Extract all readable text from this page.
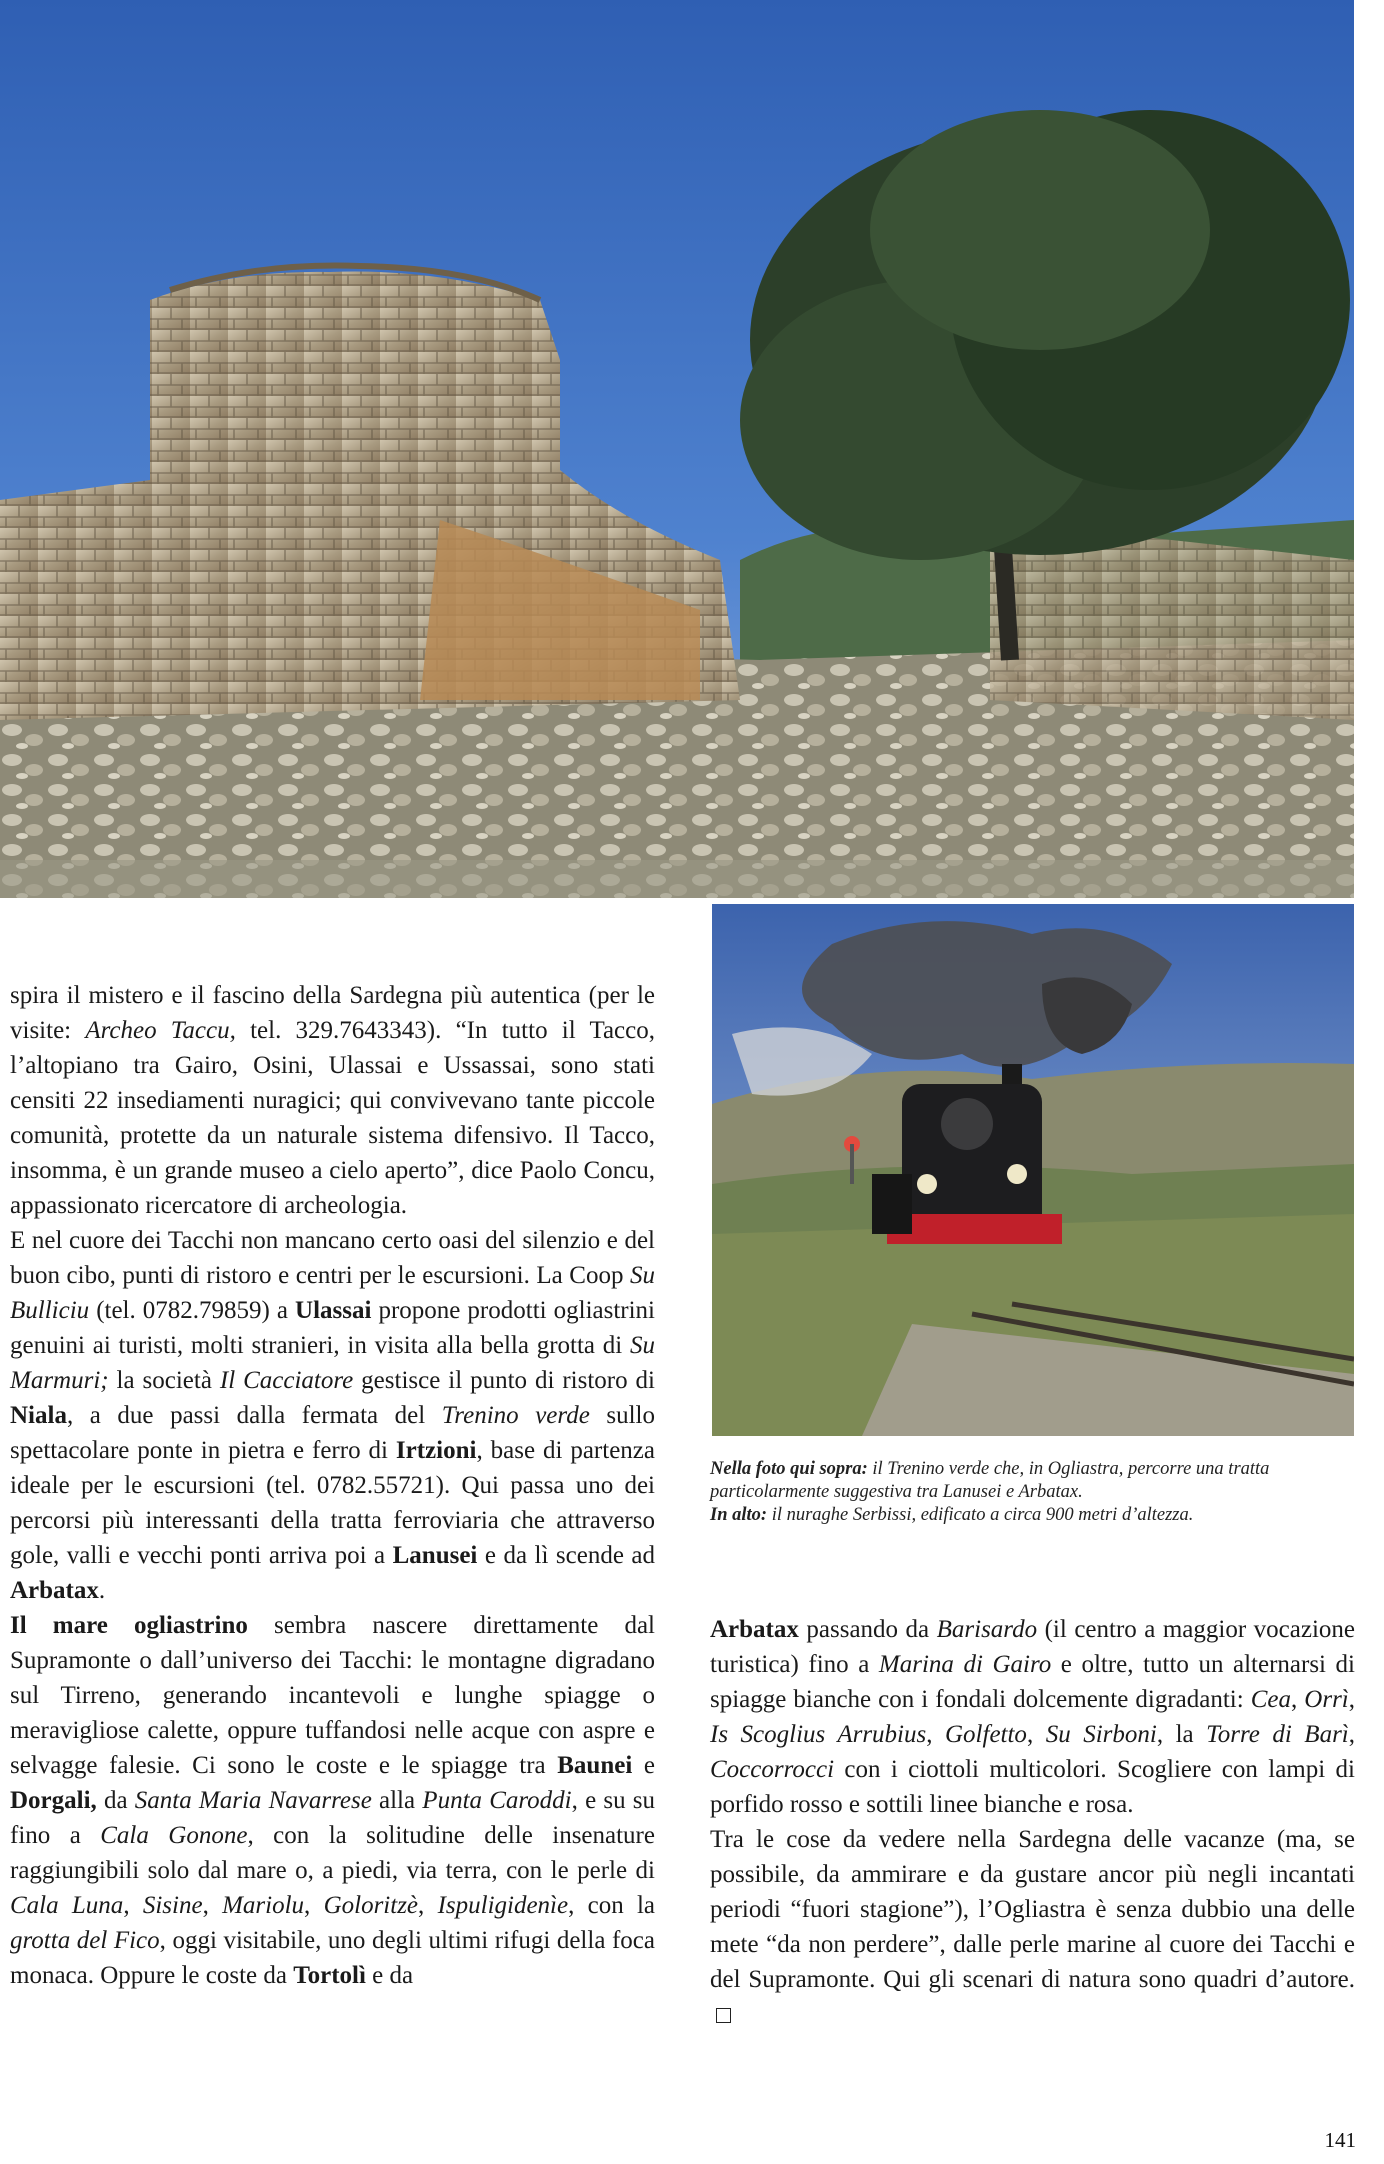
spira il mistero e il fascino della Sardegna più autentica (per le visite: Archeo Taccu, tel. 329.7643343). “In tutto il Tacco, l’altopiano tra Gairo, Osini, Ulassai e Ussassai, sono stati censiti 22 insediamenti nuragici; qui convivevano tante piccole comunità, protette da un naturale sistema difensivo. Il Tacco, insomma, è un grande museo a cielo aperto”, dice Paolo Concu, appassionato ricercatore di archeologia.

E nel cuore dei Tacchi non mancano certo oasi del silenzio e del buon cibo, punti di ristoro e centri per le escursioni. La Coop Su Bulliciu (tel. 0782.79859) a Ulassai propone prodotti ogliastrini genuini ai turisti, molti stranieri, in visita alla bella grotta di Su Marmuri; la società Il Cacciatore gestisce il punto di ristoro di Niala, a due passi dalla fermata del Trenino verde sullo spettacolare ponte in pietra e ferro di Irtzioni, base di partenza ideale per le escursioni (tel. 0782.55721). Qui passa uno dei percorsi più interessanti della tratta ferroviaria che attraverso gole, valli e vecchi ponti arriva poi a Lanusei e da lì scende ad Arbatax.

Il mare ogliastrino sembra nascere direttamente dal Supramonte o dall’universo dei Tacchi: le montagne digradano sul Tirreno, generando incantevoli e lunghe spiagge o meravigliose calette, oppure tuffandosi nelle acque con aspre e selvagge falesie. Ci sono le coste e le spiagge tra Baunei e Dorgali, da Santa Maria Navarrese alla Punta Caroddi, e su su fino a Cala Gonone, con la solitudine delle insenature raggiungibili solo dal mare o, a piedi, via terra, con le perle di Cala Luna, Sisine, Mariolu, Goloritzè, Ispuligidenìe, con la grotta del Fico, oggi visitabile, uno degli ultimi rifugi della foca monaca. Oppure le coste da Tortolì e da

Nella foto qui sopra: il Trenino verde che, in Ogliastra, percorre una tratta particolarmente suggestiva tra Lanusei e Arbatax.

In alto: il nuraghe Serbissi, edificato a circa 900 metri d’altezza.

Arbatax passando da Barisardo (il centro a maggior vocazione turistica) fino a Marina di Gairo e oltre, tutto un alternarsi di spiagge bianche con i fondali dolcemente digradanti: Cea, Orrì, Is Scoglius Arrubius, Golfetto, Su Sirboni, la Torre di Barì, Coccorrocci con i ciottoli multicolori. Scogliere con lampi di porfido rosso e sottili linee bianche e rosa.

Tra le cose da vedere nella Sardegna delle vacanze (ma, se possibile, da ammirare e da gustare ancor più negli incantati periodi “fuori stagione”), l’Ogliastra è senza dubbio una delle mete “da non perdere”, dalle perle marine al cuore dei Tacchi e del Supramonte. Qui gli scenari di natura sono quadri d’autore.

141
